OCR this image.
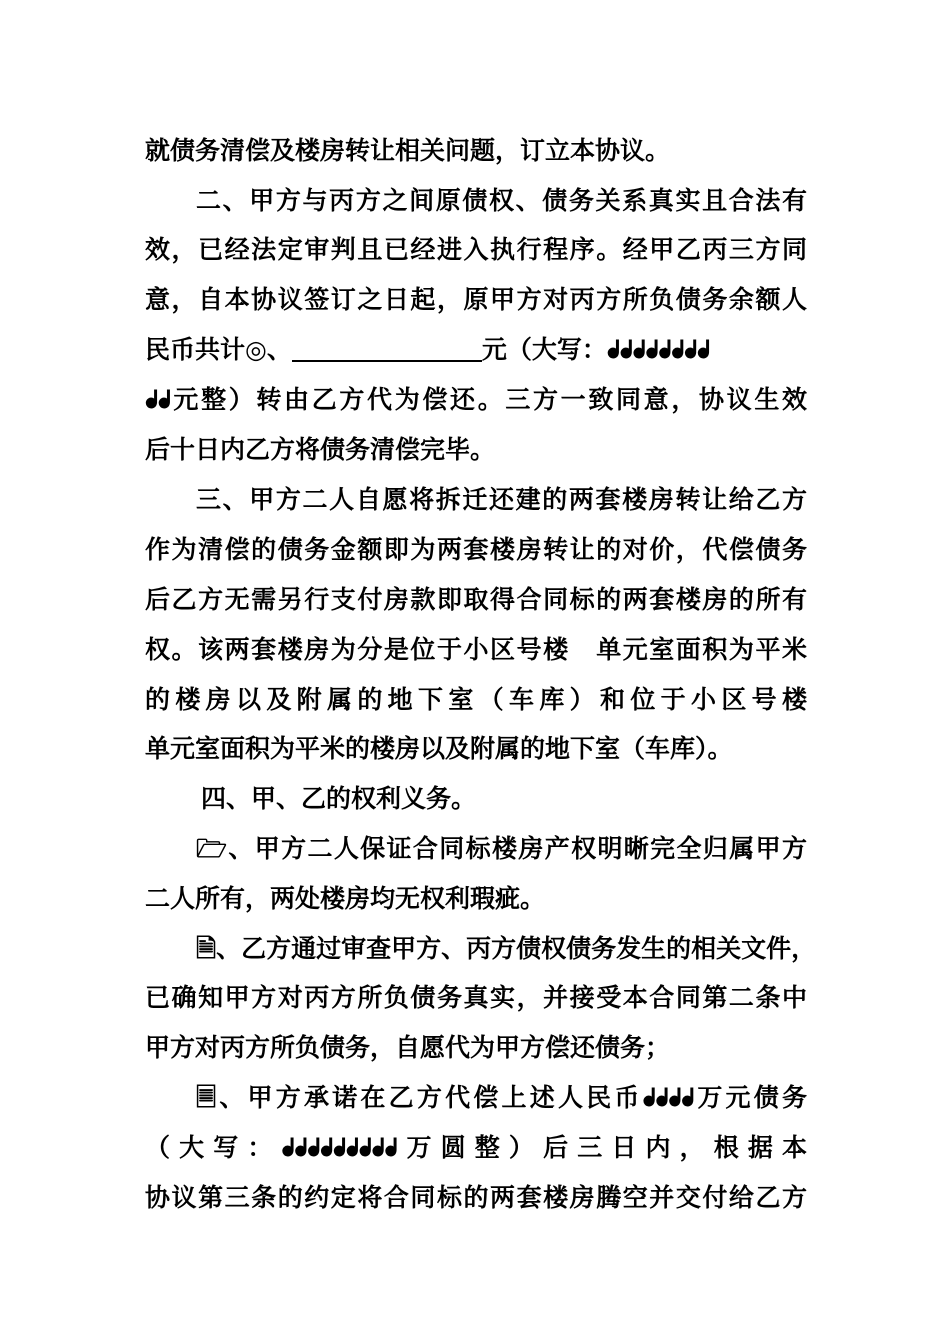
就债务清偿及楼房转让相关问题，订立本协议。
二、甲方与丙方之间原债权、债务关系真实且合法有
效，已经法定审判且已经进入执行程序。经甲乙丙三方同
意，自本协议签订之日起，原甲方对丙方所负债务余额人
民币共计◎、	元（大写：ᖱᖱᖱᖱᖱᖱᖱᖱ
ᖱᖱ元整）转由乙方代为偿还。三方一致同意，协议生效
后十日内乙方将债务清偿完毕。
三、甲方二人自愿将拆迁还建的两套楼房转让给乙方
作为清偿的债务金额即为两套楼房转让的对价，代偿债务
后乙方无需另行支付房款即取得合同标的两套楼房的所有
权。该两套楼房为分是位于小区号楼　单元室面积为平米
的楼房以及附属的地下室（车库）和位于小区号楼
单元室面积为平米的楼房以及附属的地下室（车库）。
四、甲、乙的权利义务。
🗁、甲方二人保证合同标楼房产权明晰完全归属甲方
二人所有，两处楼房均无权利瑕疵。
🗎、乙方通过审查甲方、丙方债权债务发生的相关文件，
已确知甲方对丙方所负债务真实，并接受本合同第二条中
甲方对丙方所负债务，自愿代为甲方偿还债务；
🗏、甲方承诺在乙方代偿上述人民币ᖱᖱᖱᖱ万元债务
（大写：ᖱᖱᖱᖱᖱᖱᖱᖱᖱ万圆整）后三日内，根据本
协议第三条的约定将合同标的两套楼房腾空并交付给乙方
